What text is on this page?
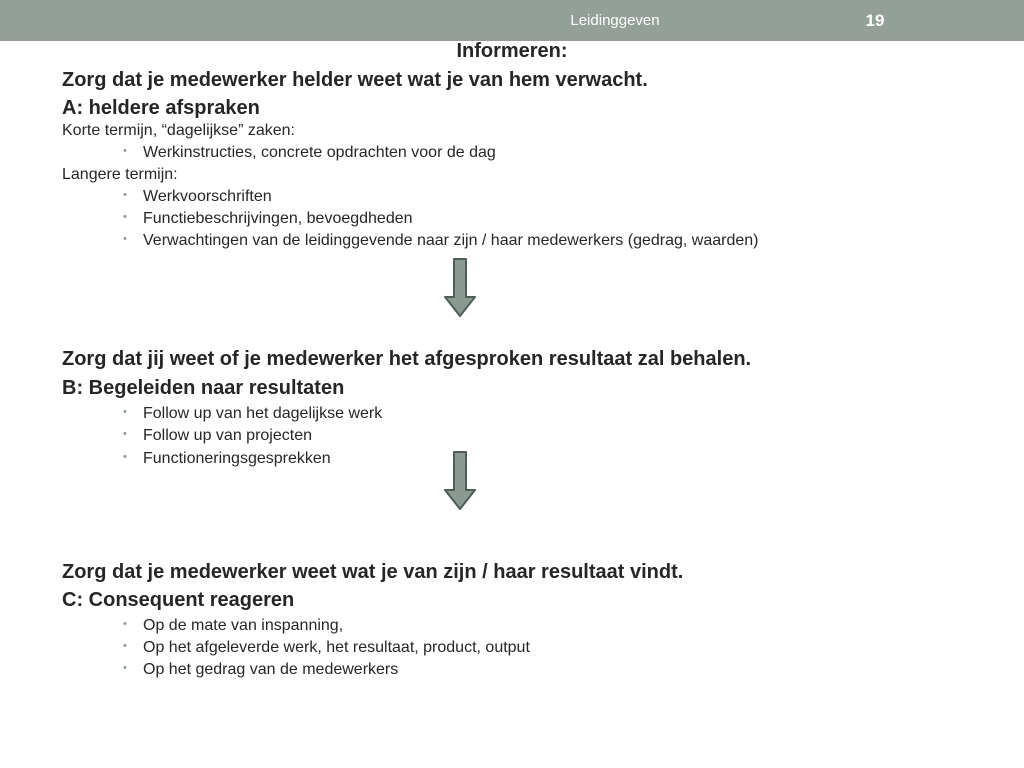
Leidinggeven	19
Informeren:
Zorg dat je medewerker helder weet wat je van hem verwacht.
A: heldere afspraken
Korte termijn, “dagelijkse” zaken:
• Werkinstructies, concrete opdrachten voor de dag
Langere termijn:
• Werkvoorschriften
• Functiebeschrijvingen, bevoegdheden
• Verwachtingen van de leidinggevende naar zijn / haar medewerkers (gedrag, waarden)
Zorg dat jij weet of je medewerker het afgesproken resultaat zal behalen.
B: Begeleiden naar resultaten
• Follow up van het dagelijkse werk
• Follow up van projecten
• Functioneringsgesprekken
Zorg dat je medewerker weet wat je van zijn / haar resultaat vindt.
C: Consequent reageren
• Op de mate van inspanning,
• Op het afgeleverde werk, het resultaat, product, output
• Op het gedrag van de medewerkers
